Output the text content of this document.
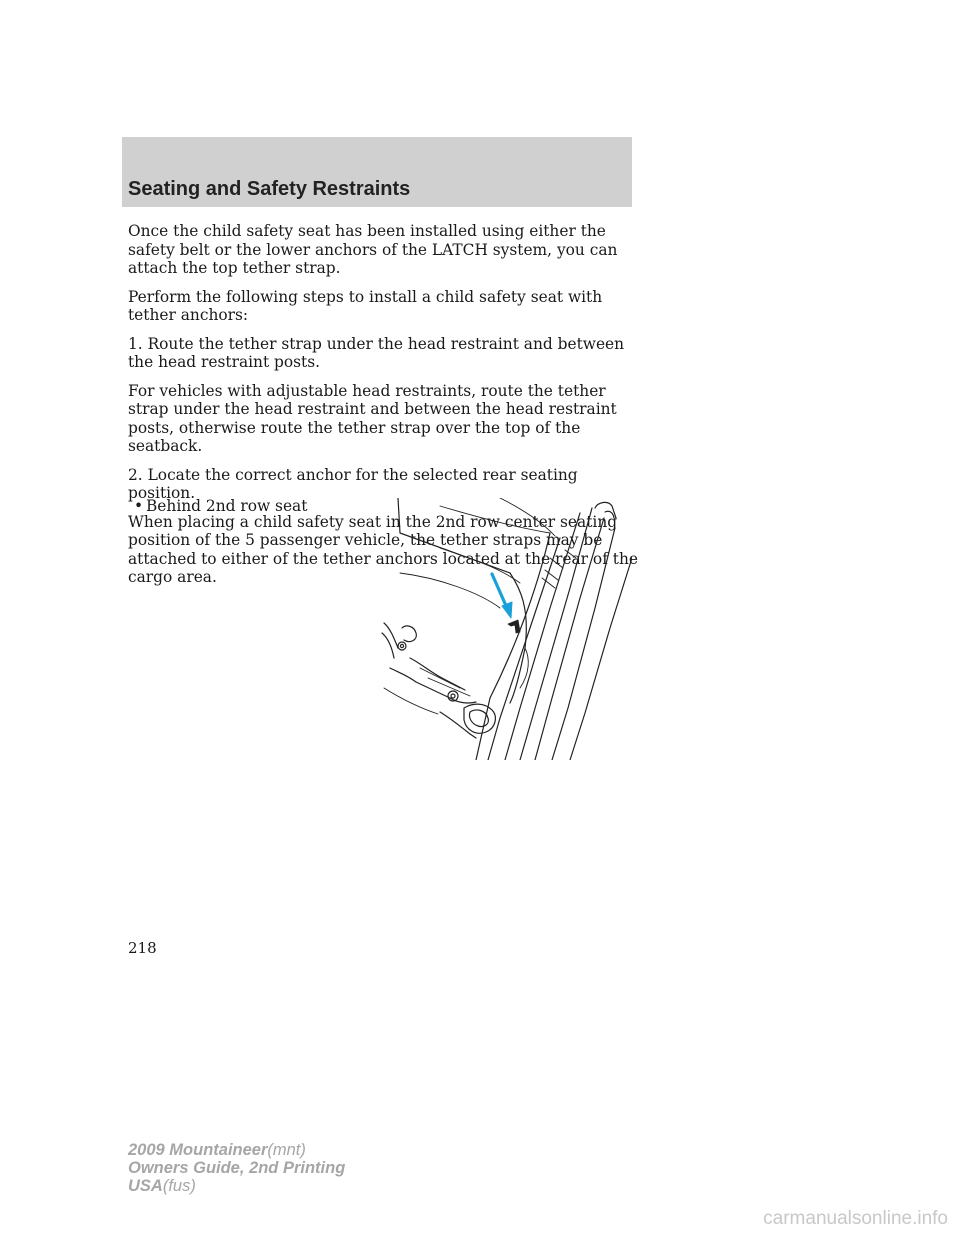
Seating and Safety Restraints

Once the child safety seat has been installed using either the safety belt or the lower anchors of the LATCH system, you can attach the top tether strap.

Perform the following steps to install a child safety seat with tether anchors:

1. Route the tether strap under the head restraint and between the head restraint posts.

For vehicles with adjustable head restraints, route the tether strap under the head restraint and between the head restraint posts, otherwise route the tether strap over the top of the seatback.

2. Locate the correct anchor for the selected rear seating position.

When placing a child safety seat in the 2nd row center seating position of the 5 passenger vehicle, the tether straps may be attached to either of the tether anchors located at the rear of the cargo area.

• Behind 2nd row seat
218
2009 Mountaineer(mnt)
Owners Guide, 2nd Printing
USA(fus)
carmanualsonline.info
